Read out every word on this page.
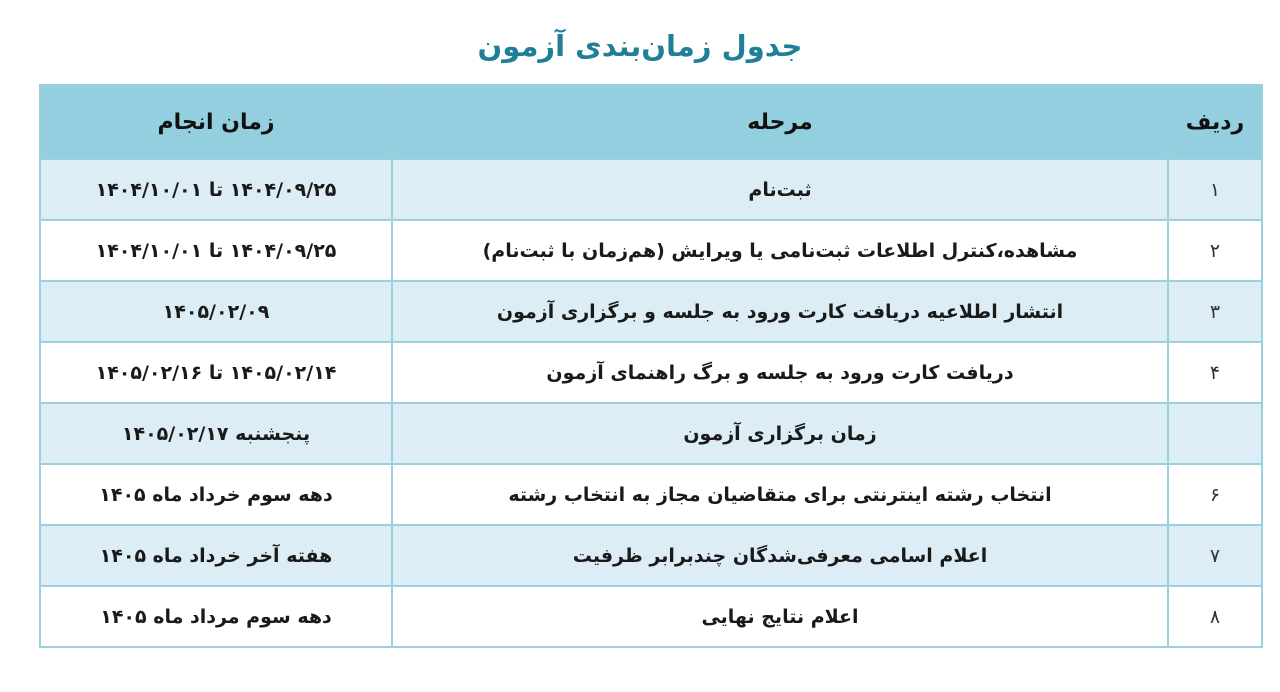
جدول زمان‌بندی آزمون
ردیف	مرحله	زمان انجام
۱	ثبت‌نام	۱۴۰۴/۰۹/۲۵ تا ۱۴۰۴/۱۰/۰۱
۲	مشاهده،کنترل اطلاعات ثبت‌نامی یا ویرایش (هم‌زمان با ثبت‌نام)	۱۴۰۴/۰۹/۲۵ تا ۱۴۰۴/۱۰/۰۱
۳	انتشار اطلاعیه دریافت کارت ورود به جلسه و برگزاری آزمون	۱۴۰۵/۰۲/۰۹
۴	دریافت کارت ورود به جلسه و برگ راهنمای آزمون	۱۴۰۵/۰۲/۱۴ تا ۱۴۰۵/۰۲/۱۶
	زمان برگزاری آزمون	پنجشنبه ۱۴۰۵/۰۲/۱۷
۶	انتخاب رشته اینترنتی برای متقاضیان مجاز به انتخاب رشته	دهه سوم خرداد ماه ۱۴۰۵
۷	اعلام اسامی معرفی‌شدگان چندبرابر ظرفیت	هفته آخر خرداد ماه ۱۴۰۵
۸	اعلام نتایج نهایی	دهه سوم مرداد ماه ۱۴۰۵
